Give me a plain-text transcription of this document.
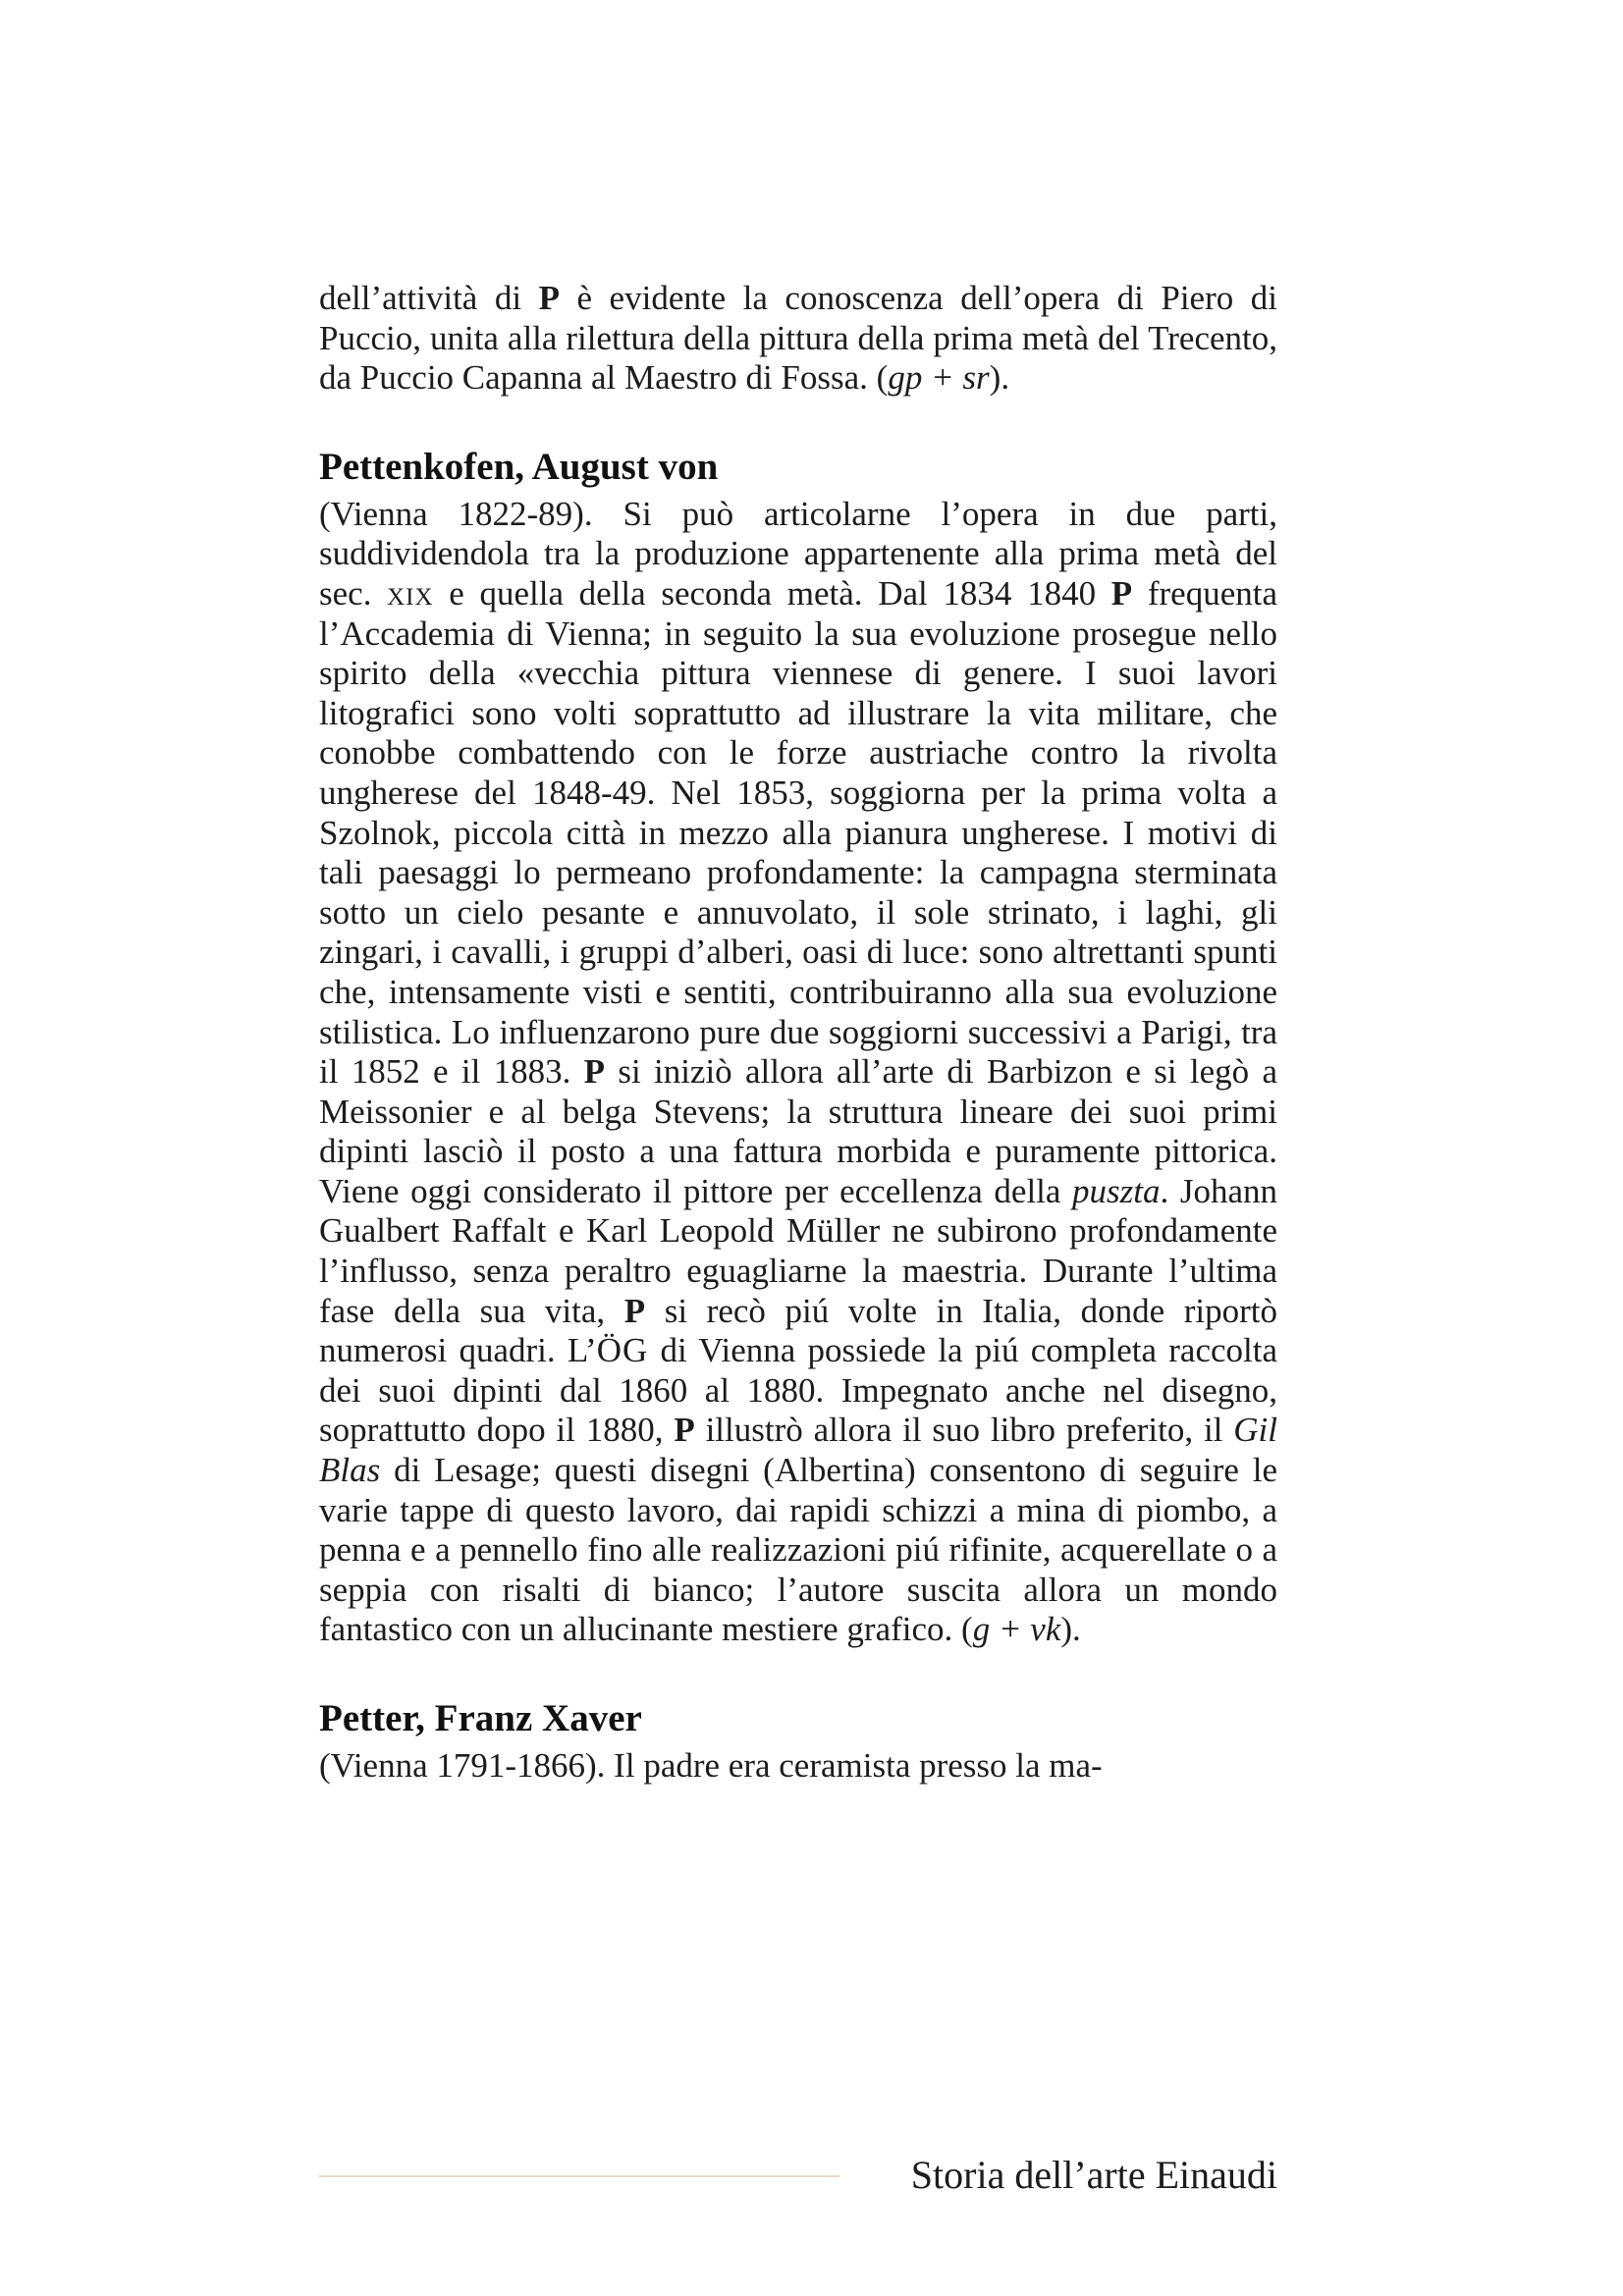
dell’attività di P è evidente la conoscenza dell’opera di Piero di Puccio, unita alla rilettura della pittura della prima metà del Trecento, da Puccio Capanna al Maestro di Fossa. (gp + sr).

Pettenkofen, August von

(Vienna 1822-89). Si può articolarne l’opera in due parti, suddividendola tra la produzione appartenente alla prima metà del sec. xix e quella della seconda metà. Dal 1834 1840 P frequenta l’Accademia di Vienna; in seguito la sua evoluzione prosegue nello spirito della «vecchia pittura viennese di genere. I suoi lavori litografici sono volti soprattutto ad illustrare la vita militare, che conobbe combattendo con le forze austriache contro la rivolta ungherese del 1848-49. Nel 1853, soggiorna per la prima volta a Szolnok, piccola città in mezzo alla pianura ungherese. I motivi di tali paesaggi lo permeano profondamente: la campagna sterminata sotto un cielo pesante e annuvolato, il sole strinato, i laghi, gli zingari, i cavalli, i gruppi d’alberi, oasi di luce: sono altrettanti spunti che, intensamente visti e sentiti, contribuiranno alla sua evoluzione stilistica. Lo influenzarono pure due soggiorni successivi a Parigi, tra il 1852 e il 1883. P si iniziò allora all’arte di Barbizon e si legò a Meissonier e al belga Stevens; la struttura lineare dei suoi primi dipinti lasciò il posto a una fattura morbida e puramente pittorica. Viene oggi considerato il pittore per eccellenza della puszta. Johann Gualbert Raffalt e Karl Leopold Müller ne subirono profondamente l’influsso, senza peraltro eguagliarne la maestria. Durante l’ultima fase della sua vita, P si recò piú volte in Italia, donde riportò numerosi quadri. L’ÖG di Vienna possiede la piú completa raccolta dei suoi dipinti dal 1860 al 1880. Impegnato anche nel disegno, soprattutto dopo il 1880, P illustrò allora il suo libro preferito, il Gil Blas di Lesage; questi disegni (Albertina) consentono di seguire le varie tappe di questo lavoro, dai rapidi schizzi a mina di piombo, a penna e a pennello fino alle realizzazioni piú rifinite, acquerellate o a seppia con risalti di bianco; l’autore suscita allora un mondo fantastico con un allucinante mestiere grafico. (g + vk).

Petter, Franz Xaver

(Vienna 1791-1866). Il padre era ceramista presso la ma-

Storia dell’arte Einaudi
